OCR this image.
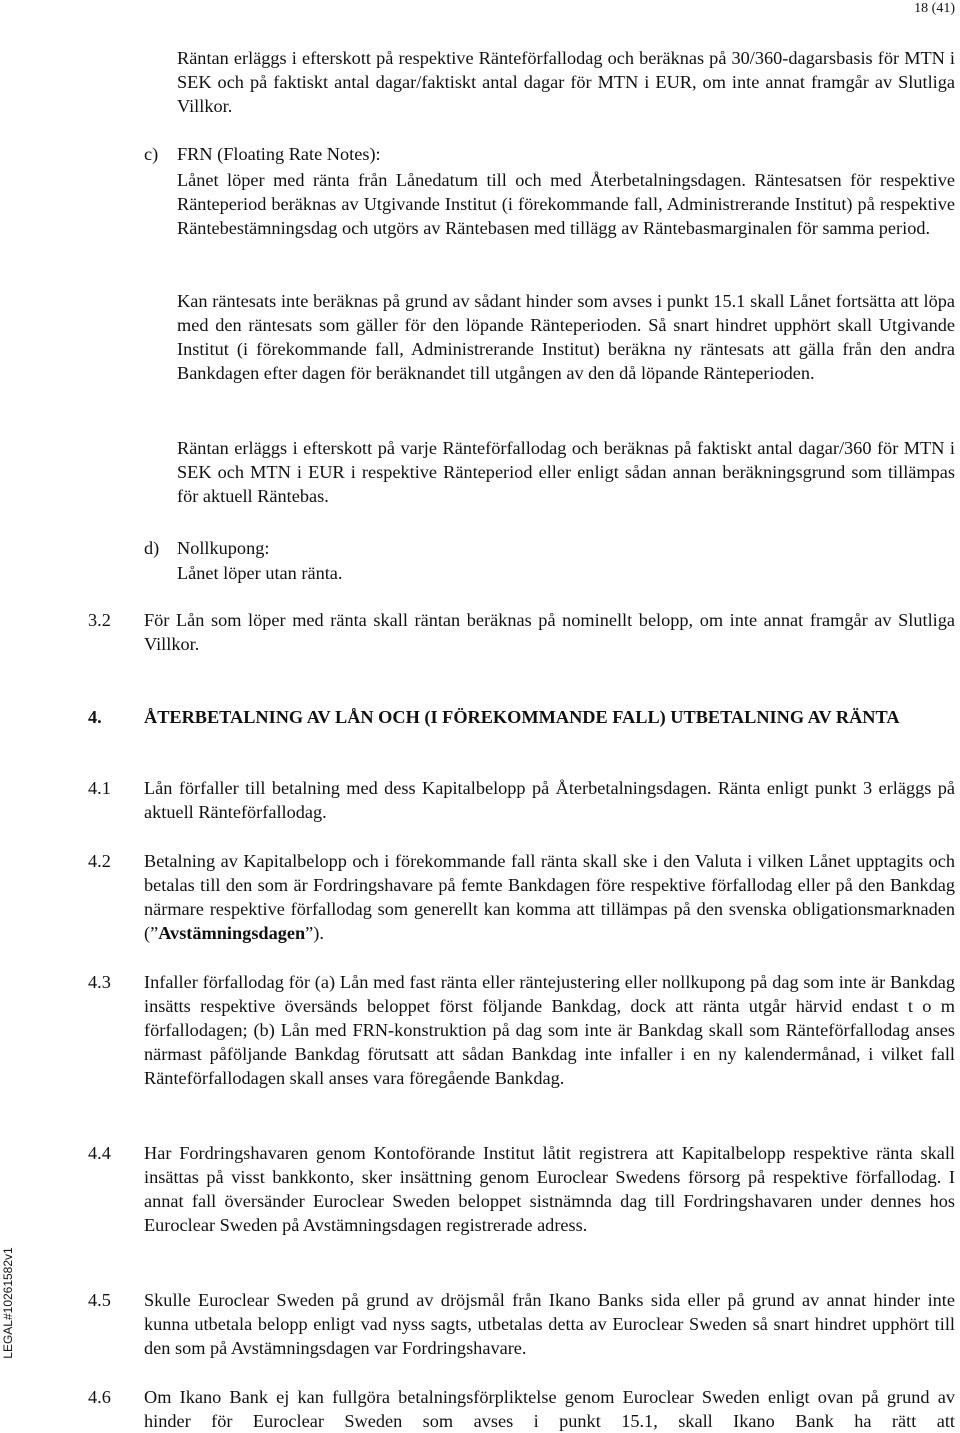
18 (41)
LEGAL#10261582v1
Räntan erläggs i efterskott på respektive Ränteförfallodag och beräknas på 30/360-dagarsbasis för MTN i SEK och på faktiskt antal dagar/faktiskt antal dagar för MTN i EUR, om inte annat framgår av Slutliga Villkor.
c) FRN (Floating Rate Notes):
Lånet löper med ränta från Lånedatum till och med Återbetalningsdagen. Räntesatsen för respektive Ränteperiod beräknas av Utgivande Institut (i förekommande fall, Administrerande Institut) på respektive Räntebestämningsdag och utgörs av Räntebasen med tillägg av Räntebasmarginalen för samma period.
Kan räntesats inte beräknas på grund av sådant hinder som avses i punkt 15.1 skall Lånet fortsätta att löpa med den räntesats som gäller för den löpande Ränteperioden. Så snart hindret upphört skall Utgivande Institut (i förekommande fall, Administrerande Institut) beräkna ny räntesats att gälla från den andra Bankdagen efter dagen för beräknandet till utgången av den då löpande Ränteperioden.
Räntan erläggs i efterskott på varje Ränteförfallodag och beräknas på faktiskt antal dagar/360 för MTN i SEK och MTN i EUR i respektive Ränteperiod eller enligt sådan annan beräkningsgrund som tillämpas för aktuell Räntebas.
d) Nollkupong:
Lånet löper utan ränta.
3.2 För Lån som löper med ränta skall räntan beräknas på nominellt belopp, om inte annat framgår av Slutliga Villkor.
4. ÅTERBETALNING AV LÅN OCH (I FÖREKOMMANDE FALL) UTBETALNING AV RÄNTA
4.1 Lån förfaller till betalning med dess Kapitalbelopp på Återbetalningsdagen. Ränta enligt punkt 3 erläggs på aktuell Ränteförfallodag.
4.2 Betalning av Kapitalbelopp och i förekommande fall ränta skall ske i den Valuta i vilken Lånet upptagits och betalas till den som är Fordringshavare på femte Bankdagen före respektive förfallodag eller på den Bankdag närmare respektive förfallodag som generellt kan komma att tillämpas på den svenska obligationsmarknaden (”Avstämningsdagen”).
4.3 Infaller förfallodag för (a) Lån med fast ränta eller räntejustering eller nollkupong på dag som inte är Bankdag insätts respektive översänds beloppet först följande Bankdag, dock att ränta utgår härvid endast t o m förfallodagen; (b) Lån med FRN-konstruktion på dag som inte är Bankdag skall som Ränteförfallodag anses närmast påföljande Bankdag förutsatt att sådan Bankdag inte infaller i en ny kalendermånad, i vilket fall Ränteförfallodagen skall anses vara föregående Bankdag.
4.4 Har Fordringshavaren genom Kontoförande Institut låtit registrera att Kapitalbelopp respektive ränta skall insättas på visst bankkonto, sker insättning genom Euroclear Swedens försorg på respektive förfallodag. I annat fall översänder Euroclear Sweden beloppet sistnämnda dag till Fordringshavaren under dennes hos Euroclear Sweden på Avstämningsdagen registrerade adress.
4.5 Skulle Euroclear Sweden på grund av dröjsmål från Ikano Banks sida eller på grund av annat hinder inte kunna utbetala belopp enligt vad nyss sagts, utbetalas detta av Euroclear Sweden så snart hindret upphört till den som på Avstämningsdagen var Fordringshavare.
4.6 Om Ikano Bank ej kan fullgöra betalningsförpliktelse genom Euroclear Sweden enligt ovan på grund av hinder för Euroclear Sweden som avses i punkt 15.1, skall Ikano Bank ha rätt att
